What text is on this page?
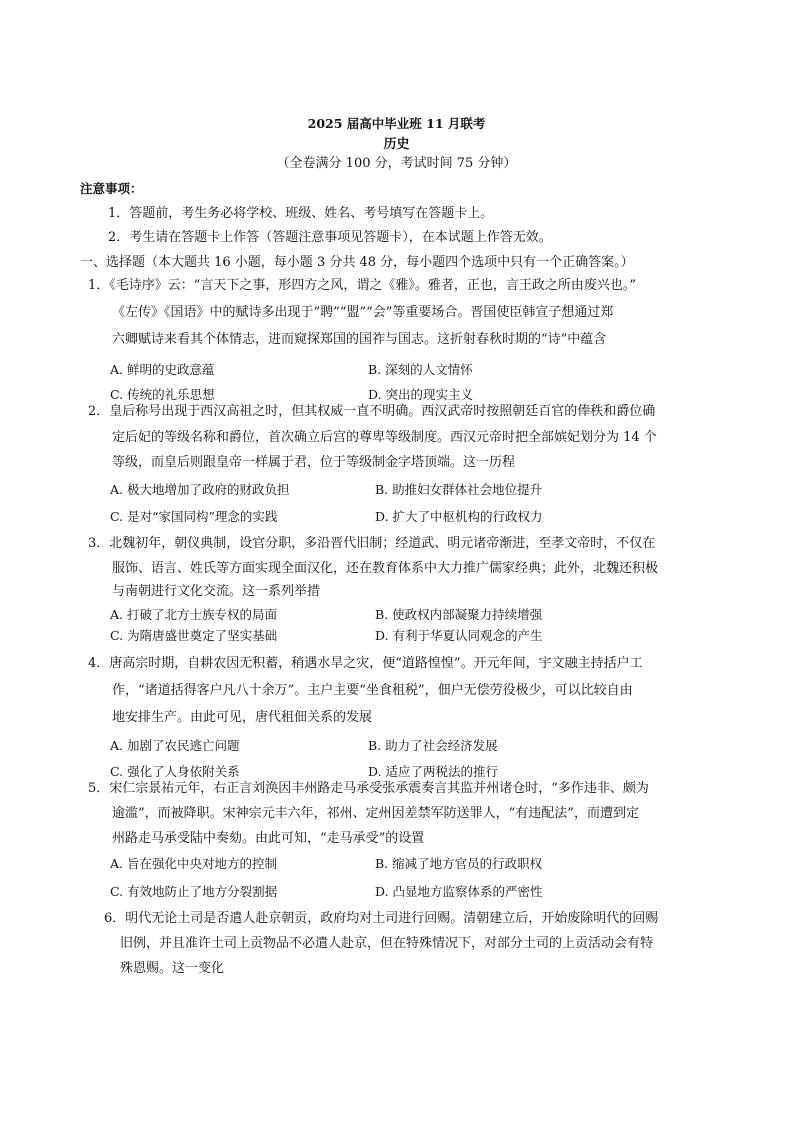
2025 届高中毕业班 11 月联考
历史
（全卷满分 100 分，考试时间 75 分钟）
注意事项：
1．答题前，考生务必将学校、班级、姓名、考号填写在答题卡上。
2．考生请在答题卡上作答（答题注意事项见答题卡），在本试题上作答无效。
一、选择题（本大题共 16 小题，每小题 3 分共 48 分，每小题四个选项中只有一个正确答案。）
1．《毛诗序》云：“言天下之事，形四方之风，谓之《雅》。雅者，正也，言王政之所由废兴也。”
《左传》《国语》中的赋诗多出现于“聘”“盟”“会”等重要场合。晋国使臣韩宣子想通过郑
六卿赋诗来看其个体情志，进而窥探郑国的国祚与国志。这折射春秋时期的“诗”中蕴含
A. 鲜明的史政意蕴	B. 深刻的人文情怀
C. 传统的礼乐思想	D. 突出的现实主义
2．皇后称号出现于西汉高祖之时，但其权威一直不明确。西汉武帝时按照朝廷百官的俸秩和爵位确
定后妃的等级名称和爵位，首次确立后宫的尊卑等级制度。西汉元帝时把全部嫔妃划分为 14 个
等级，而皇后则跟皇帝一样属于君，位于等级制金字塔顶端。这一历程
A. 极大地增加了政府的财政负担	B. 助推妇女群体社会地位提升
C. 是对“家国同构”理念的实践	D. 扩大了中枢机构的行政权力
3．北魏初年，朝仪典制，设官分职，多沿晋代旧制；经道武、明元诸帝渐进，至孝文帝时，不仅在
服饰、语言、姓氏等方面实现全面汉化，还在教育体系中大力推广儒家经典；此外，北魏还积极
与南朝进行文化交流。这一系列举措
A. 打破了北方士族专权的局面	B. 使政权内部凝聚力持续增强
C. 为隋唐盛世奠定了坚实基础	D. 有利于华夏认同观念的产生
4．唐高宗时期，自耕农因无积蓄，稍遇水旱之灾，便“道路惶惶”。开元年间，宇文融主持括户工
作，“诸道括得客户凡八十余万”。主户主要“坐食租税”，佃户无偿劳役极少，可以比较自由
地安排生产。由此可见，唐代租佃关系的发展
A. 加剧了农民逃亡问题	B. 助力了社会经济发展
C. 强化了人身依附关系	D. 适应了两税法的推行
5．宋仁宗景祐元年，右正言刘涣因丰州路走马承受张承震奏言其监并州诸仓时，“多作违非、颇为
逾滥”，而被降职。宋神宗元丰六年，祁州、定州因差禁军防送罪人，“有违配法”，而遭到定
州路走马承受陆中奏劾。由此可知，“走马承受”的设置
A. 旨在强化中央对地方的控制	B. 缩减了地方官员的行政职权
C. 有效地防止了地方分裂割据	D. 凸显地方监察体系的严密性
6．明代无论土司是否遣人赴京朝贡，政府均对土司进行回赐。清朝建立后，开始废除明代的回赐
旧例，并且准许土司上贡物品不必遣人赴京，但在特殊情况下，对部分土司的上贡活动会有特
殊恩赐。这一变化
